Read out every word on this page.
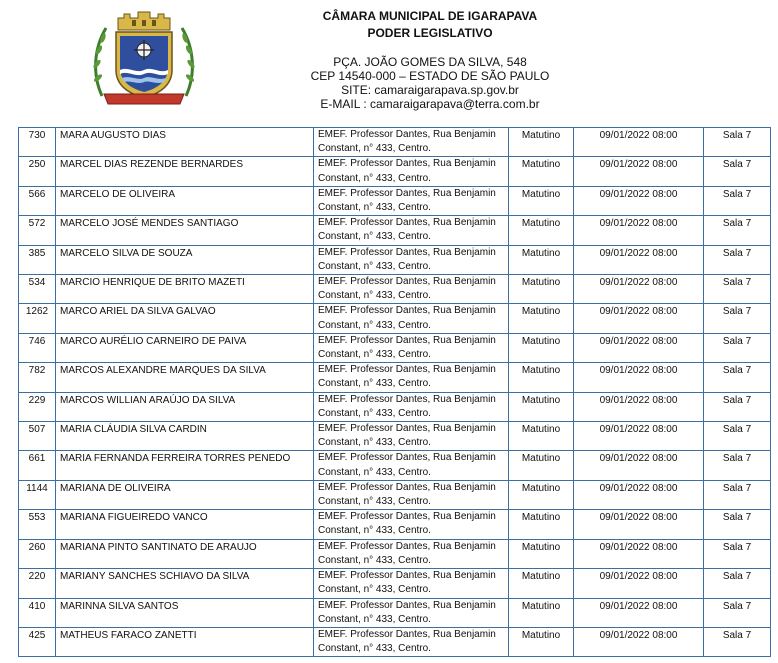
CÂMARA MUNICIPAL DE IGARAPAVA
PODER LEGISLATIVO
PÇA. JOÃO GOMES DA SILVA, 548
CEP 14540-000 – ESTADO DE SÃO PAULO
SITE: camaraigarapava.sp.gov.br
E-MAIL : camaraigarapava@terra.com.br
730	MARA AUGUSTO DIAS	EMEF. Professor Dantes, Rua Benjamin
Constant, n° 433, Centro.	Matutino	09/01/2022 08:00	Sala 7

250	MARCEL DIAS REZENDE BERNARDES	EMEF. Professor Dantes, Rua Benjamin
Constant, n° 433, Centro.	Matutino	09/01/2022 08:00	Sala 7

566	MARCELO DE OLIVEIRA	EMEF. Professor Dantes, Rua Benjamin
Constant, n° 433, Centro.	Matutino	09/01/2022 08:00	Sala 7

572	MARCELO JOSÉ MENDES SANTIAGO	EMEF. Professor Dantes, Rua Benjamin
Constant, n° 433, Centro.	Matutino	09/01/2022 08:00	Sala 7

385	MARCELO SILVA DE SOUZA	EMEF. Professor Dantes, Rua Benjamin
Constant, n° 433, Centro.	Matutino	09/01/2022 08:00	Sala 7

534	MARCIO HENRIQUE DE BRITO MAZETI	EMEF. Professor Dantes, Rua Benjamin
Constant, n° 433, Centro.	Matutino	09/01/2022 08:00	Sala 7

1262	MARCO ARIEL DA SILVA GALVAO	EMEF. Professor Dantes, Rua Benjamin
Constant, n° 433, Centro.	Matutino	09/01/2022 08:00	Sala 7

746	MARCO AURÉLIO CARNEIRO DE PAIVA	EMEF. Professor Dantes, Rua Benjamin
Constant, n° 433, Centro.	Matutino	09/01/2022 08:00	Sala 7

782	MARCOS ALEXANDRE MARQUES DA SILVA	EMEF. Professor Dantes, Rua Benjamin
Constant, n° 433, Centro.	Matutino	09/01/2022 08:00	Sala 7

229	MARCOS WILLIAN ARAÚJO DA SILVA	EMEF. Professor Dantes, Rua Benjamin
Constant, n° 433, Centro.	Matutino	09/01/2022 08:00	Sala 7

507	MARIA CLÁUDIA SILVA CARDIN	EMEF. Professor Dantes, Rua Benjamin
Constant, n° 433, Centro.	Matutino	09/01/2022 08:00	Sala 7

661	MARIA FERNANDA FERREIRA TORRES PENEDO	EMEF. Professor Dantes, Rua Benjamin
Constant, n° 433, Centro.	Matutino	09/01/2022 08:00	Sala 7

1144	MARIANA DE OLIVEIRA	EMEF. Professor Dantes, Rua Benjamin
Constant, n° 433, Centro.	Matutino	09/01/2022 08:00	Sala 7

553	MARIANA FIGUEIREDO VANCO	EMEF. Professor Dantes, Rua Benjamin
Constant, n° 433, Centro.	Matutino	09/01/2022 08:00	Sala 7

260	MARIANA PINTO SANTINATO DE ARAUJO	EMEF. Professor Dantes, Rua Benjamin
Constant, n° 433, Centro.	Matutino	09/01/2022 08:00	Sala 7

220	MARIANY SANCHES SCHIAVO DA SILVA	EMEF. Professor Dantes, Rua Benjamin
Constant, n° 433, Centro.	Matutino	09/01/2022 08:00	Sala 7

410	MARINNA SILVA SANTOS	EMEF. Professor Dantes, Rua Benjamin
Constant, n° 433, Centro.	Matutino	09/01/2022 08:00	Sala 7

425	MATHEUS FARACO ZANETTI	EMEF. Professor Dantes, Rua Benjamin
Constant, n° 433, Centro.	Matutino	09/01/2022 08:00	Sala 7
